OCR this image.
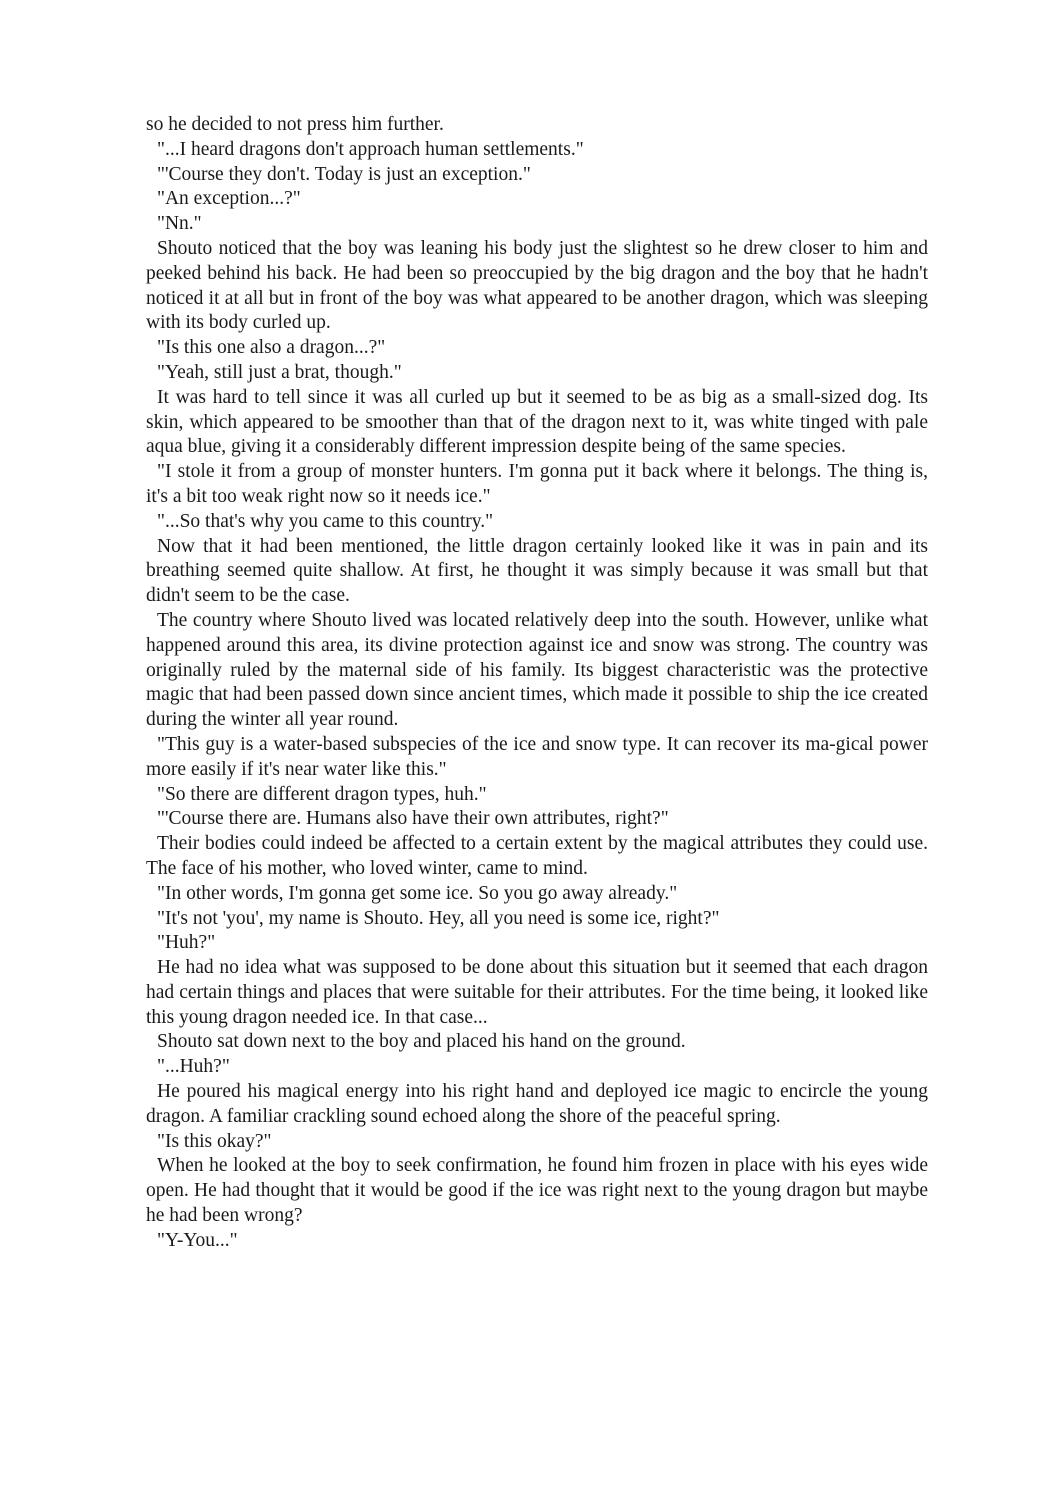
so he decided to not press him further.

"...I heard dragons don't approach human settlements."

"'Course they don't. Today is just an exception."

"An exception...?"

"Nn."

Shouto noticed that the boy was leaning his body just the slightest so he drew closer to him and peeked behind his back. He had been so preoccupied by the big dragon and the boy that he hadn't noticed it at all but in front of the boy was what appeared to be another dragon, which was sleeping with its body curled up.

"Is this one also a dragon...?"

"Yeah, still just a brat, though."

It was hard to tell since it was all curled up but it seemed to be as big as a small-sized dog. Its skin, which appeared to be smoother than that of the dragon next to it, was white tinged with pale aqua blue, giving it a considerably different impression despite being of the same species.

"I stole it from a group of monster hunters. I'm gonna put it back where it belongs. The thing is, it's a bit too weak right now so it needs ice."

"...So that's why you came to this country."

Now that it had been mentioned, the little dragon certainly looked like it was in pain and its breathing seemed quite shallow. At first, he thought it was simply because it was small but that didn't seem to be the case.

The country where Shouto lived was located relatively deep into the south. However, unlike what happened around this area, its divine protection against ice and snow was strong. The country was originally ruled by the maternal side of his family. Its biggest characteristic was the protective magic that had been passed down since ancient times, which made it possible to ship the ice created during the winter all year round.

"This guy is a water-based subspecies of the ice and snow type. It can recover its ma-gical power more easily if it's near water like this."

"So there are different dragon types, huh."

"'Course there are. Humans also have their own attributes, right?"

Their bodies could indeed be affected to a certain extent by the magical attributes they could use. The face of his mother, who loved winter, came to mind.

"In other words, I'm gonna get some ice. So you go away already."

"It's not 'you', my name is Shouto. Hey, all you need is some ice, right?"

"Huh?"

He had no idea what was supposed to be done about this situation but it seemed that each dragon had certain things and places that were suitable for their attributes. For the time being, it looked like this young dragon needed ice. In that case...

Shouto sat down next to the boy and placed his hand on the ground.

"...Huh?"

He poured his magical energy into his right hand and deployed ice magic to encircle the young dragon. A familiar crackling sound echoed along the shore of the peaceful spring.

"Is this okay?"

When he looked at the boy to seek confirmation, he found him frozen in place with his eyes wide open. He had thought that it would be good if the ice was right next to the young dragon but maybe he had been wrong?

"Y-You..."
